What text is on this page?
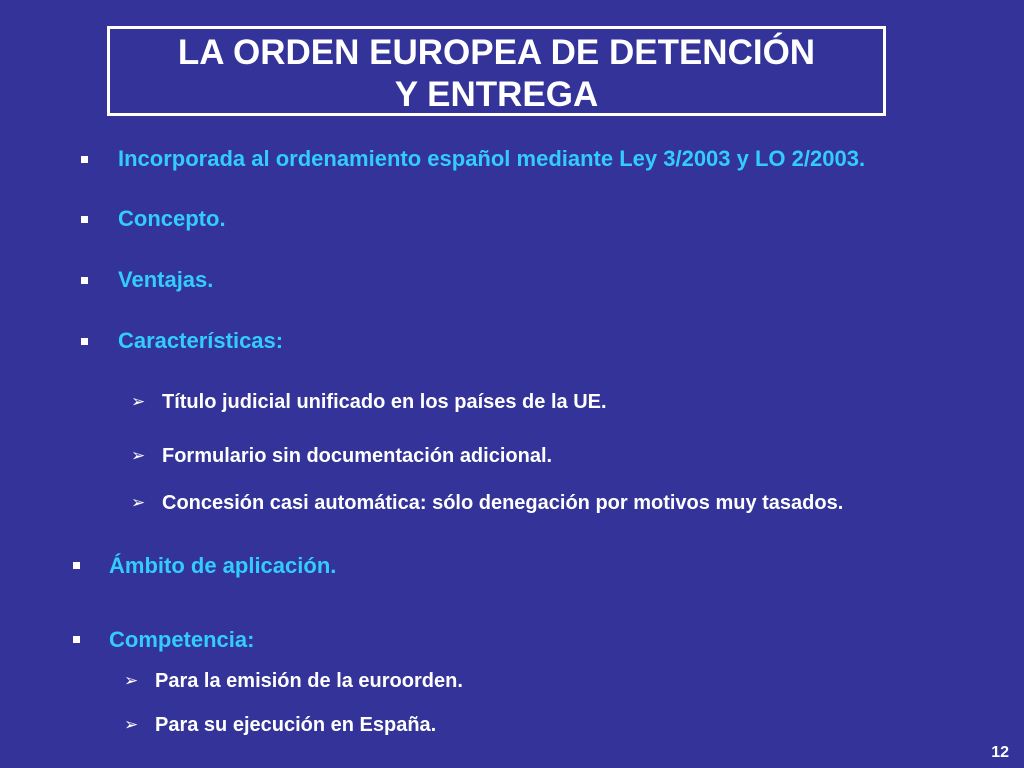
LA ORDEN EUROPEA DE DETENCIÓN
Y ENTREGA
Incorporada al ordenamiento español mediante Ley 3/2003 y LO 2/2003.
Concepto.
Ventajas.
Características:
➢ Título judicial unificado en los países de la UE.
➢ Formulario sin documentación adicional.
➢ Concesión casi automática: sólo denegación por motivos muy tasados.
Ámbito de aplicación.
Competencia:
➢ Para la emisión de la euroorden.
➢ Para su ejecución en España.
12
